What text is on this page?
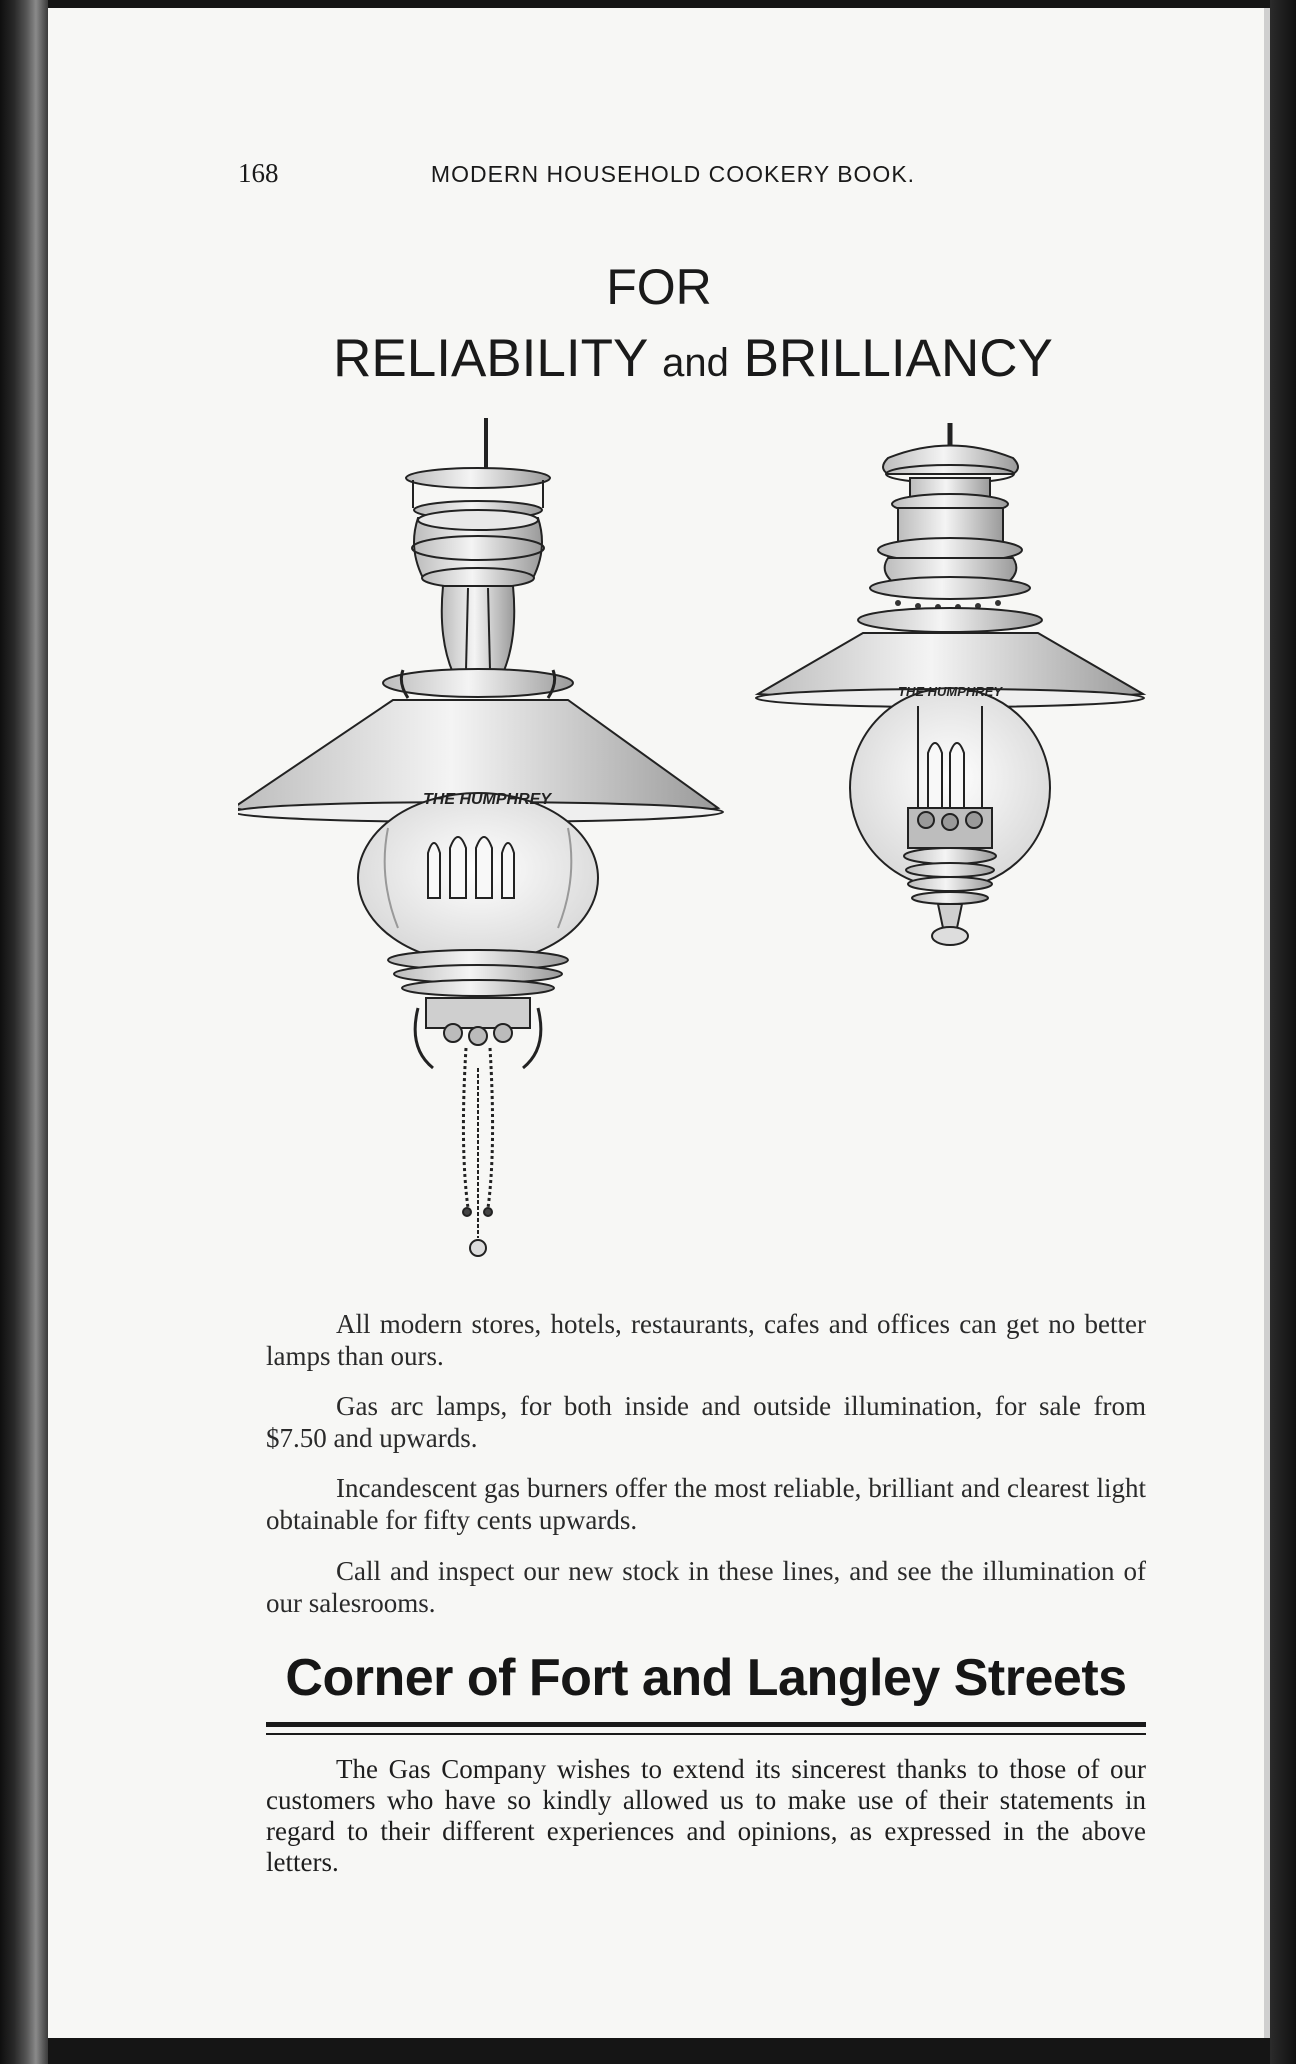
168	MODERN HOUSEHOLD COOKERY BOOK.
FOR
RELIABILITY and BRILLIANCY
THE HUMPHREY
THE HUMPHREY

All modern stores, hotels, restaurants, cafes and offices can get no better lamps than ours.

Gas arc lamps, for both inside and outside illumination, for sale from $7.50 and upwards.

Incandescent gas burners offer the most reliable, brilliant and clearest light obtainable for fifty cents upwards.

Call and inspect our new stock in these lines, and see the illumination of our salesrooms.

Corner of Fort and Langley Streets

The Gas Company wishes to extend its sincerest thanks to those of our customers who have so kindly allowed us to make use of their statements in regard to their different experiences and opinions, as expressed in the above letters.
